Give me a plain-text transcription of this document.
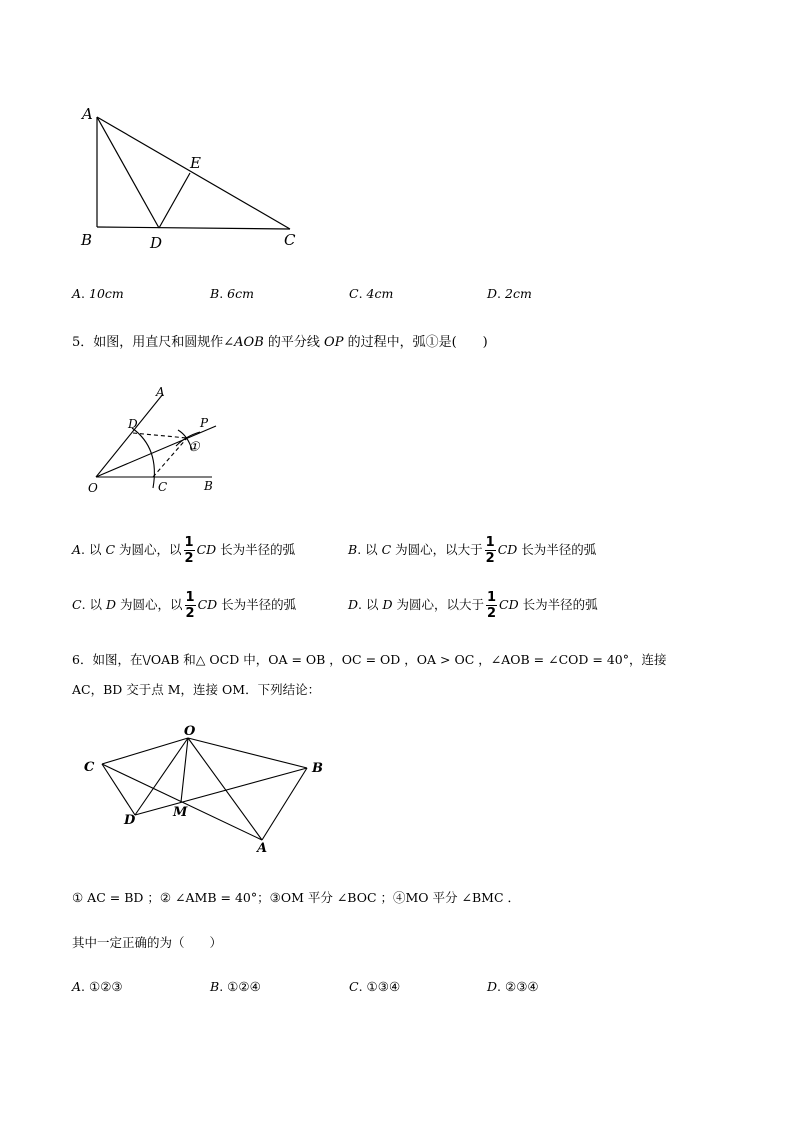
A
B	C
D
E
A. 10cm	B. 6cm	C. 4cm	D. 2cm
5．如图，用直尺和圆规作∠AOB 的平分线 OP 的过程中，弧①是(　　)
A
P
D
①
O	C	B
A. 以 C 为圆心，以 $\frac{1}{2}$ CD 长为半径的弧	B. 以 C 为圆心，以大于 $\frac{1}{2}$ CD 长为半径的弧
C. 以 D 为圆心，以 $\frac{1}{2}$ CD 长为半径的弧	D. 以 D 为圆心，以大于 $\frac{1}{2}$ CD 长为半径的弧
6．如图，在\/OAB 和△ OCD 中，OA = OB ，OC = OD ，OA > OC ，∠AOB = ∠COD = 40°，连接
AC，BD 交于点 M，连接 OM．下列结论：
O
C	B
D
M
A
① AC = BD ；② ∠AMB = 40°；③OM 平分 ∠BOC ；④MO 平分 ∠BMC ．
其中一定正确的为（　　）
A. ①②③	B. ①②④	C. ①③④	D. ②③④
